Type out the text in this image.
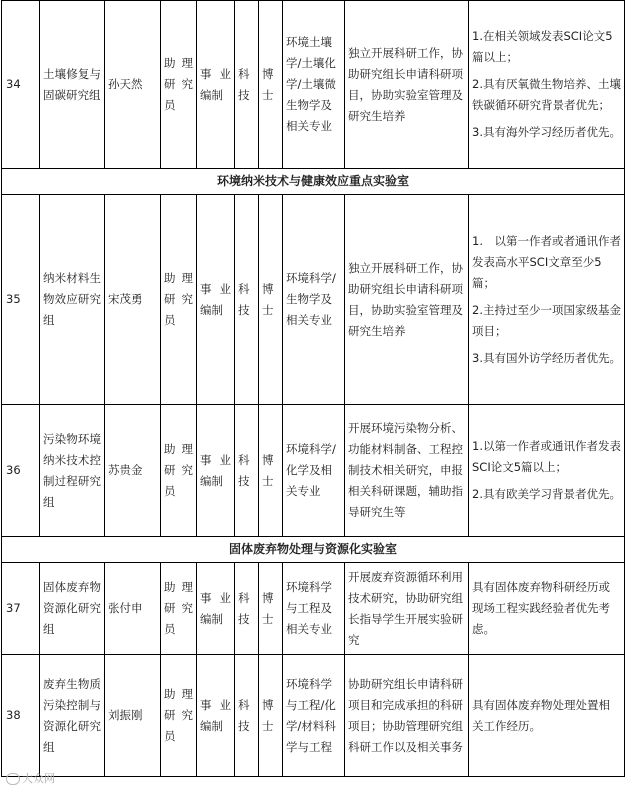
34	土壤修复与固碳研究组	孙天然	助理研究员	事业编制	科技	博士	环境土壤学/土壤化学/土壤微生物学及相关专业	独立开展科研工作，协助研究组长申请科研项目，协助实验室管理及研究生培养	1.在相关领域发表SCI论文5篇以上；

2.具有厌氧微生物培养、土壤铁碳循环研究背景者优先；

3.具有海外学习经历者优先。

环境纳米技术与健康效应重点实验室									
35	纳米材料生物效应研究组	宋茂勇	助理研究员	事业编制	科技	博士	环境科学/生物学及相关专业	独立开展科研工作，协助研究组长申请科研项目，协助实验室管理及研究生培养	1.　以第一作者或者通讯作者发表高水平SCI文章至少5篇；

2.主持过至少一项国家级基金项目；

3.具有国外访学经历者优先。

36	污染物环境纳米技术控制过程研究组	苏贵金	助理研究员	事业编制	科技	博士	环境科学/化学及相关专业	开展环境污染物分析、功能材料制备、工程控制技术相关研究，申报相关科研课题，辅助指导研究生等	1.以第一作者或通讯作者发表SCI论文5篇以上；

2.具有欧美学习背景者优先。

固体废弃物处理与资源化实验室									
37	固体废弃物资源化研究组	张付申	助理研究员	事业编制	科技	博士	环境科学与工程及相关专业	开展废弃资源循环利用技术研究，协助研究组长指导学生开展实验研究	具有固体废弃物科研经历或现场工程实践经验者优先考虑。

38	废弃生物质污染控制与资源化研究组	刘振刚	助理研究员	事业编制	科技	博士	环境科学与工程/化学/材料科学与工程	协助研究组长申请科研项目和完成承担的科研项目；协助管理研究组科研工作以及相关事务	具有固体废弃物处理处置相关工作经历。

大众网
